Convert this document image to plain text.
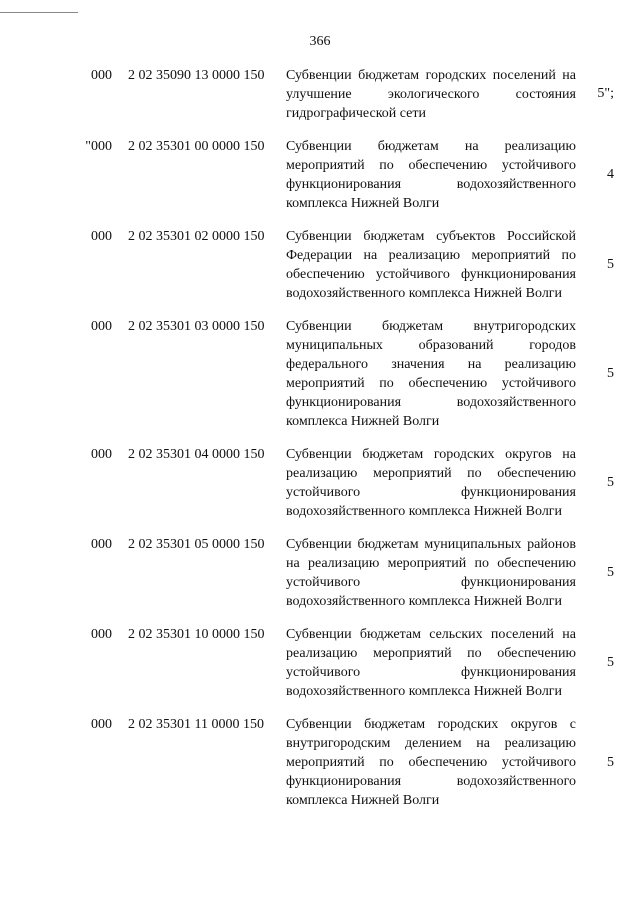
366
000 2 02 35090 13 0000 150 Субвенции бюджетам городских поселений на улучшение экологического состояния гидрографической сети
5";
"000 2 02 35301 00 0000 150 Субвенции бюджетам на реализацию мероприятий по обеспечению устойчивого функционирования водохозяйственного комплекса Нижней Волги
4
000 2 02 35301 02 0000 150 Субвенции бюджетам субъектов Российской Федерации на реализацию мероприятий по обеспечению устойчивого функционирования водохозяйственного комплекса Нижней Волги
5
000 2 02 35301 03 0000 150 Субвенции бюджетам внутригородских муниципальных образований городов федерального значения на реализацию мероприятий по обеспечению устойчивого функционирования водохозяйственного комплекса Нижней Волги
5
000 2 02 35301 04 0000 150 Субвенции бюджетам городских округов на реализацию мероприятий по обеспечению устойчивого функционирования водохозяйственного комплекса Нижней Волги
5
000 2 02 35301 05 0000 150 Субвенции бюджетам муниципальных районов на реализацию мероприятий по обеспечению устойчивого функционирования водохозяйственного комплекса Нижней Волги
5
000 2 02 35301 10 0000 150 Субвенции бюджетам сельских поселений на реализацию мероприятий по обеспечению устойчивого функционирования водохозяйственного комплекса Нижней Волги
5
000 2 02 35301 11 0000 150 Субвенции бюджетам городских округов с внутригородским делением на реализацию мероприятий по обеспечению устойчивого функционирования водохозяйственного комплекса Нижней Волги
5
